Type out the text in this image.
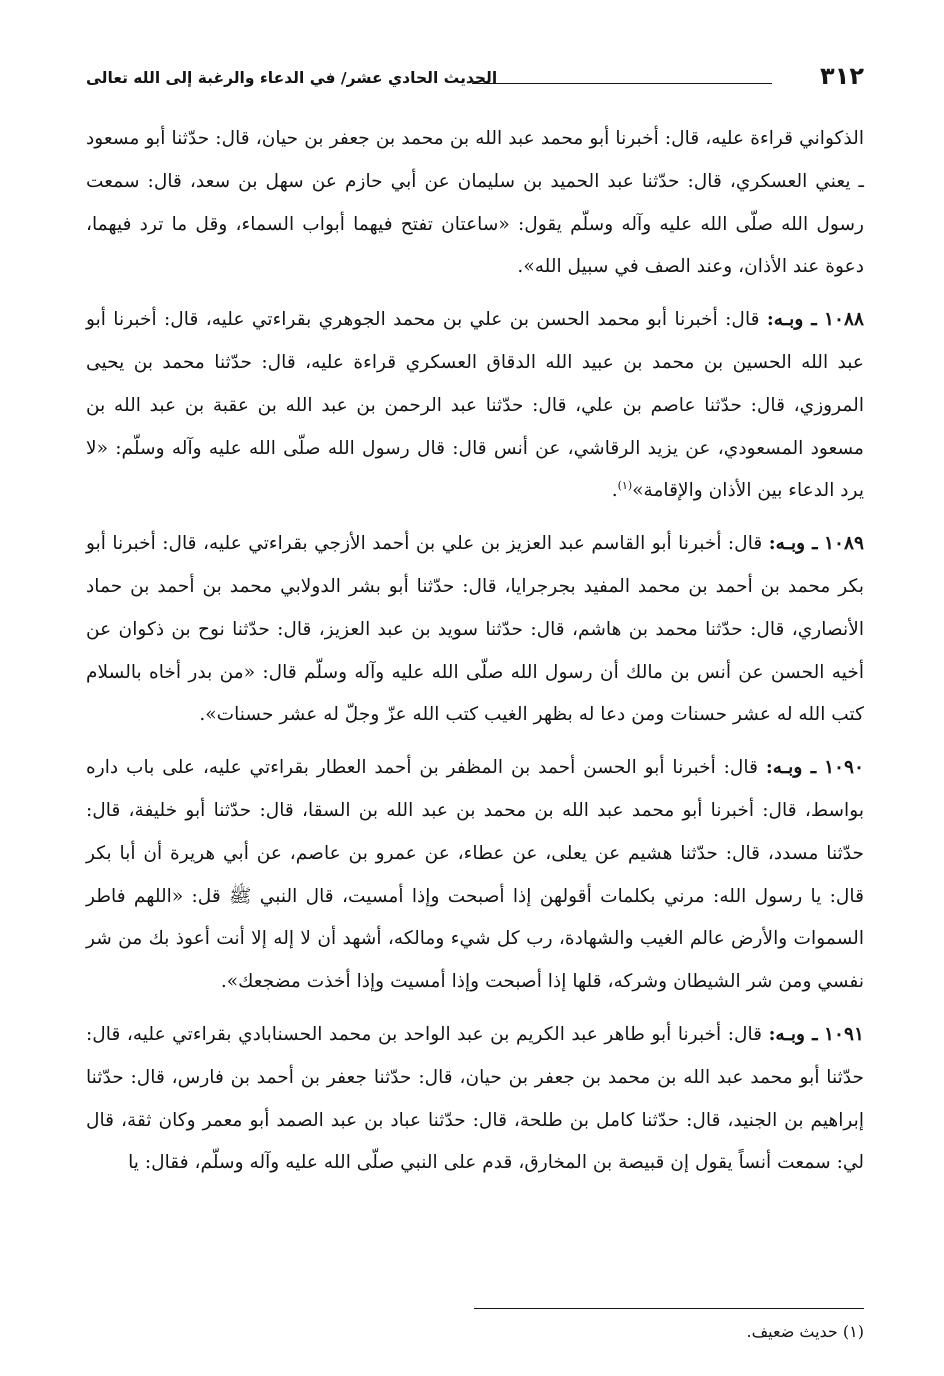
٣١٢
الحديث الحادي عشر/ في الدعاء والرغبة إلى الله تعالى

الذكواني قراءة عليه، قال: أخبرنا أبو محمد عبد الله بن محمد بن جعفر بن حيان، قال: حدّثنا أبو مسعود ـ يعني العسكري، قال: حدّثنا عبد الحميد بن سليمان عن أبي حازم عن سهل بن سعد، قال: سمعت رسول الله صلّى الله عليه وآله وسلّم يقول: «ساعتان تفتح فيهما أبواب السماء، وقل ما ترد فيهما، دعوة عند الأذان، وعند الصف في سبيل الله».

١٠٨٨ ـ وبـه: قال: أخبرنا أبو محمد الحسن بن علي بن محمد الجوهري بقراءتي عليه، قال: أخبرنا أبو عبد الله الحسين بن محمد بن عبيد الله الدقاق العسكري قراءة عليه، قال: حدّثنا محمد بن يحيى المروزي، قال: حدّثنا عاصم بن علي، قال: حدّثنا عبد الرحمن بن عبد الله بن عقبة بن عبد الله بن مسعود المسعودي، عن يزيد الرقاشي، عن أنس قال: قال رسول الله صلّى الله عليه وآله وسلّم: «لا يرد الدعاء بين الأذان والإقامة»$^{(١)}$.

١٠٨٩ ـ وبـه: قال: أخبرنا أبو القاسم عبد العزيز بن علي بن أحمد الأزجي بقراءتي عليه، قال: أخبرنا أبو بكر محمد بن أحمد بن محمد المفيد بجرجرايا، قال: حدّثنا أبو بشر الدولابي محمد بن أحمد بن حماد الأنصاري، قال: حدّثنا محمد بن هاشم، قال: حدّثنا سويد بن عبد العزيز، قال: حدّثنا نوح بن ذكوان عن أخيه الحسن عن أنس بن مالك أن رسول الله صلّى الله عليه وآله وسلّم قال: «من بدر أخاه بالسلام كتب الله له عشر حسنات ومن دعا له بظهر الغيب كتب الله عزّ وجلّ له عشر حسنات».

١٠٩٠ ـ وبـه: قال: أخبرنا أبو الحسن أحمد بن المظفر بن أحمد العطار بقراءتي عليه، على باب داره بواسط، قال: أخبرنا أبو محمد عبد الله بن محمد بن عبد الله بن السقا، قال: حدّثنا أبو خليفة، قال: حدّثنا مسدد، قال: حدّثنا هشيم عن يعلى، عن عطاء، عن عمرو بن عاصم، عن أبي هريرة أن أبا بكر قال: يا رسول الله: مرني بكلمات أقولهن إذا أصبحت وإذا أمسيت، قال النبي ﷺ قل: «اللهم فاطر السموات والأرض عالم الغيب والشهادة، رب كل شيء ومالكه، أشهد أن لا إله إلا أنت أعوذ بك من شر نفسي ومن شر الشيطان وشركه، قلها إذا أصبحت وإذا أمسيت وإذا أخذت مضجعك».

١٠٩١ ـ وبـه: قال: أخبرنا أبو طاهر عبد الكريم بن عبد الواحد بن محمد الحسنابادي بقراءتي عليه، قال: حدّثنا أبو محمد عبد الله بن محمد بن جعفر بن حيان، قال: حدّثنا جعفر بن أحمد بن فارس، قال: حدّثنا إبراهيم بن الجنيد، قال: حدّثنا كامل بن طلحة، قال: حدّثنا عباد بن عبد الصمد أبو معمر وكان ثقة، قال لي: سمعت أنساً يقول إن قبيصة بن المخارق، قدم على النبي صلّى الله عليه وآله وسلّم، فقال: يا

(١) حديث ضعيف.
